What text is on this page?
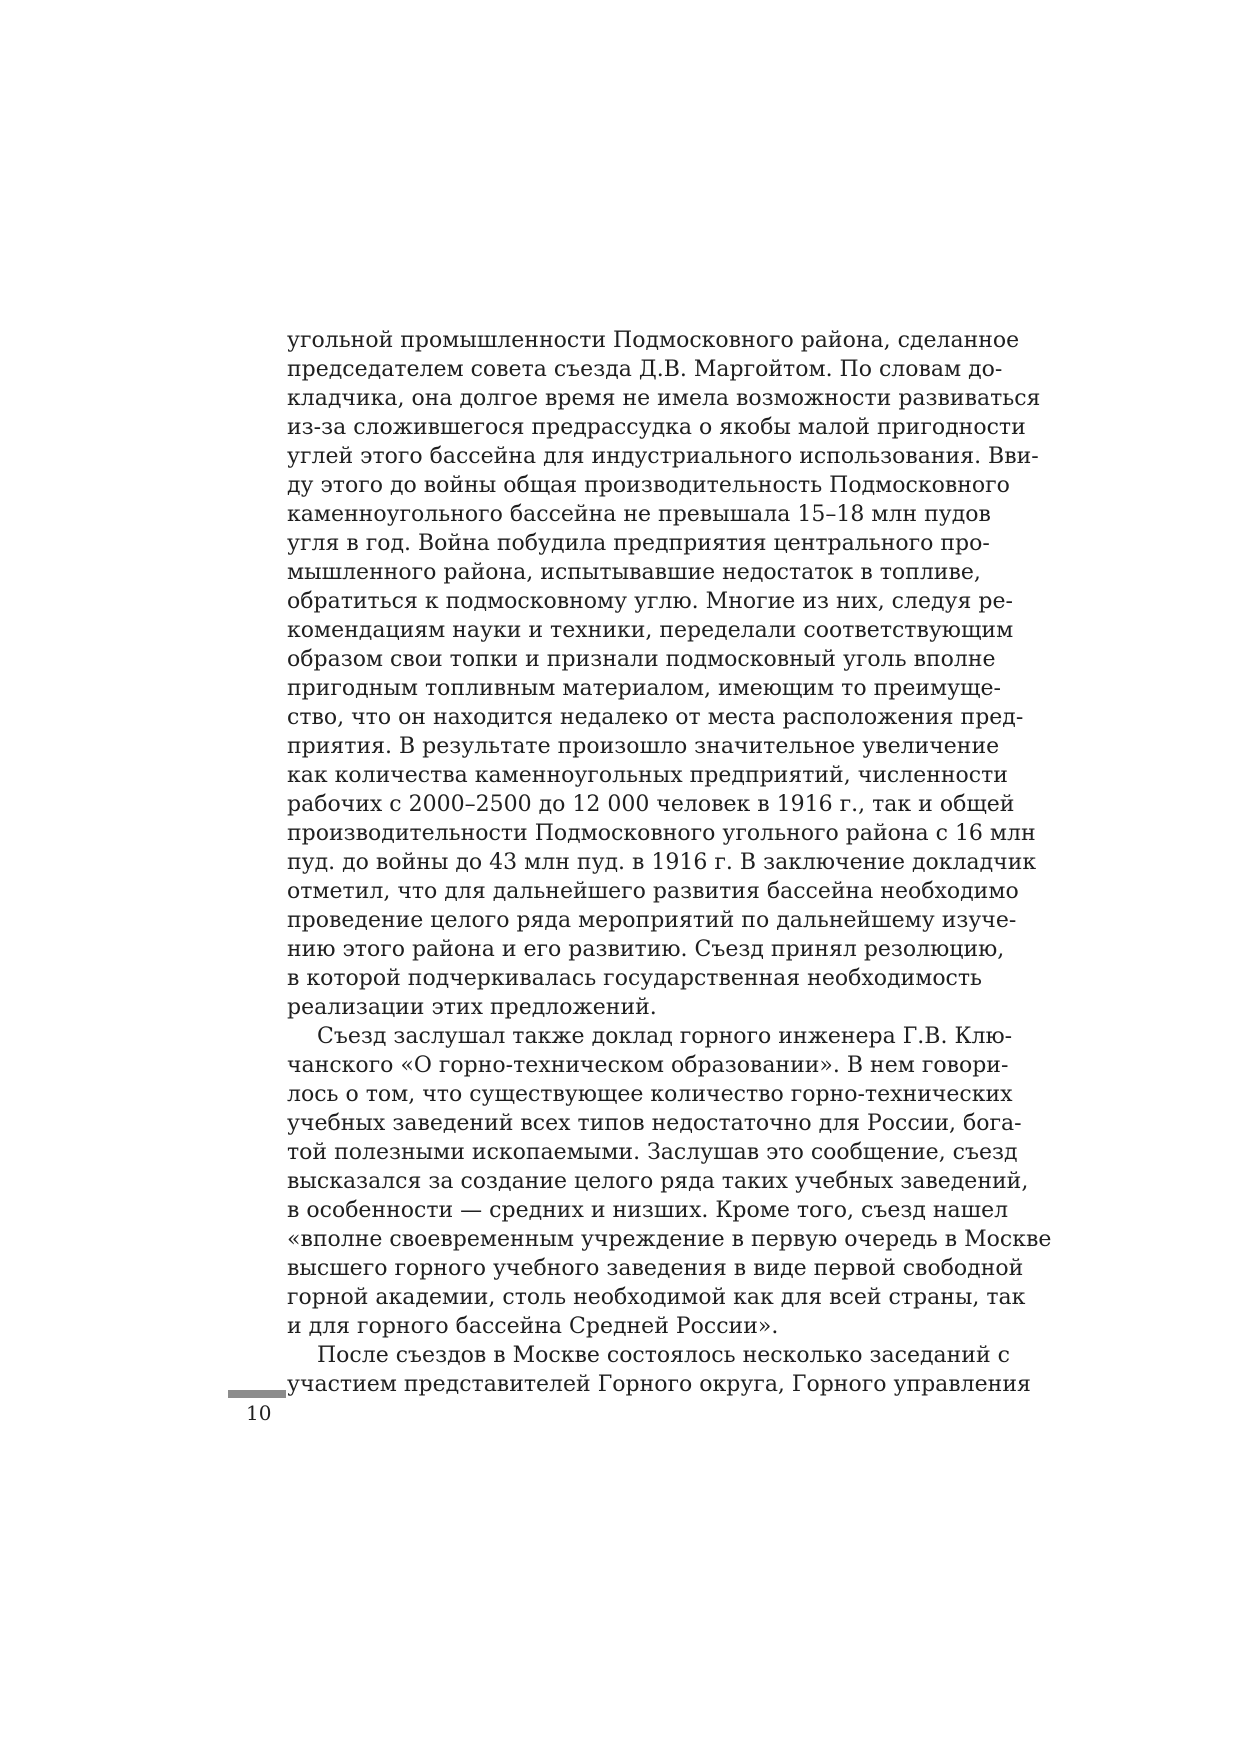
угольной промышленности Подмосковного района, сделанное
председателем совета съезда Д.В. Маргойтом. По словам до-
кладчика, она долгое время не имела возможности развиваться
из-за сложившегося предрассудка о якобы малой пригодности
углей этого бассейна для индустриального использования. Вви-
ду этого до войны общая производительность Подмосковного
каменноугольного бассейна не превышала 15–18 млн пудов
угля в год. Война побудила предприятия центрального про-
мышленного района, испытывавшие недостаток в топливе,
обратиться к подмосковному углю. Многие из них, следуя ре-
комендациям науки и техники, переделали соответствующим
образом свои топки и признали подмосковный уголь вполне
пригодным топливным материалом, имеющим то преимуще-
ство, что он находится недалеко от места расположения пред-
приятия. В результате произошло значительное увеличение
как количества каменноугольных предприятий, численности
рабочих с 2000–2500 до 12 000 человек в 1916 г., так и общей
производительности Подмосковного угольного района с 16 млн
пуд. до войны до 43 млн пуд. в 1916 г. В заключение докладчик
отметил, что для дальнейшего развития бассейна необходимо
проведение целого ряда мероприятий по дальнейшему изуче-
нию этого района и его развитию. Съезд принял резолюцию,
в которой подчеркивалась государственная необходимость
реализации этих предложений.
Съезд заслушал также доклад горного инженера Г.В. Клю-
чанского «О горно-техническом образовании». В нем говори-
лось о том, что существующее количество горно-технических
учебных заведений всех типов недостаточно для России, бога-
той полезными ископаемыми. Заслушав это сообщение, съезд
высказался за создание целого ряда таких учебных заведений,
в особенности — средних и низших. Кроме того, съезд нашел
«вполне своевременным учреждение в первую очередь в Москве
высшего горного учебного заведения в виде первой свободной
горной академии, столь необходимой как для всей страны, так
и для горного бассейна Средней России».
После съездов в Москве состоялось несколько заседаний с
участием представителей Горного округа, Горного управления
10
